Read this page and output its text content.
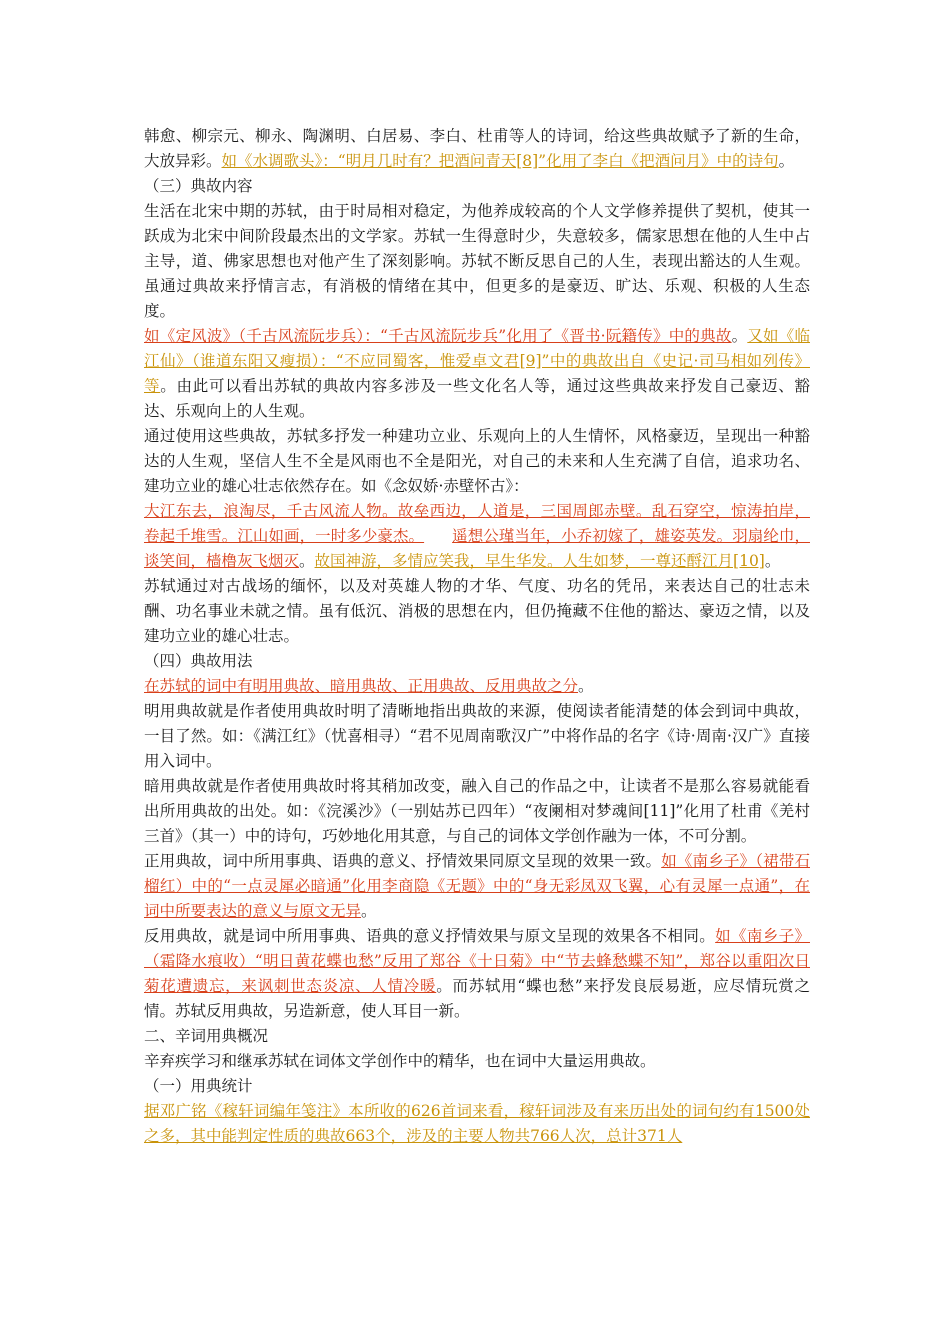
韩愈、柳宗元、柳永、陶渊明、白居易、李白、杜甫等人的诗词，给这些典故赋予了新的生命，大放异彩。如《水调歌头》：“明月几时有？把酒问青天[8]”化用了李白《把酒问月》中的诗句。

（三）典故内容

生活在北宋中期的苏轼，由于时局相对稳定，为他养成较高的个人文学修养提供了契机，使其一跃成为北宋中间阶段最杰出的文学家。苏轼一生得意时少，失意较多，儒家思想在他的人生中占主导，道、佛家思想也对他产生了深刻影响。苏轼不断反思自己的人生，表现出豁达的人生观。虽通过典故来抒情言志，有消极的情绪在其中，但更多的是豪迈、旷达、乐观、积极的人生态度。

如《定风波》（千古风流阮步兵）：“千古风流阮步兵”化用了《晋书·阮籍传》中的典故。又如《临江仙》（谁道东阳又瘦损）：“不应同蜀客，惟爱卓文君[9]”中的典故出自《史记·司马相如列传》等。由此可以看出苏轼的典故内容多涉及一些文化名人等，通过这些典故来抒发自己豪迈、豁达、乐观向上的人生观。

通过使用这些典故，苏轼多抒发一种建功立业、乐观向上的人生情怀，风格豪迈，呈现出一种豁达的人生观，坚信人生不全是风雨也不全是阳光，对自己的未来和人生充满了自信，追求功名、建功立业的雄心壮志依然存在。如《念奴娇·赤壁怀古》：

大江东去，浪淘尽，千古风流人物。故垒西边，人道是，三国周郎赤壁。乱石穿空，惊涛拍岸，卷起千堆雪。江山如画，一时多少豪杰。 遥想公瑾当年，小乔初嫁了，雄姿英发。羽扇纶巾，谈笑间，樯橹灰飞烟灭。故国神游，多情应笑我，早生华发。人生如梦，一尊还酹江月[10]。

苏轼通过对古战场的缅怀，以及对英雄人物的才华、气度、功名的凭吊，来表达自己的壮志未酬、功名事业未就之情。虽有低沉、消极的思想在内，但仍掩藏不住他的豁达、豪迈之情，以及建功立业的雄心壮志。

（四）典故用法

在苏轼的词中有明用典故、暗用典故、正用典故、反用典故之分。

明用典故就是作者使用典故时明了清晰地指出典故的来源，使阅读者能清楚的体会到词中典故，一目了然。如：《满江红》（忧喜相寻）“君不见周南歌汉广”中将作品的名字《诗·周南·汉广》直接用入词中。

暗用典故就是作者使用典故时将其稍加改变，融入自己的作品之中，让读者不是那么容易就能看出所用典故的出处。如：《浣溪沙》（一别姑苏已四年）“夜阑相对梦魂间[11]”化用了杜甫《羌村三首》（其一）中的诗句，巧妙地化用其意，与自己的词体文学创作融为一体，不可分割。

正用典故，词中所用事典、语典的意义、抒情效果同原文呈现的效果一致。如《南乡子》（裙带石榴红）中的“一点灵犀必暗通”化用李商隐《无题》中的“身无彩凤双飞翼，心有灵犀一点通”，在词中所要表达的意义与原文无异。

反用典故，就是词中所用事典、语典的意义抒情效果与原文呈现的效果各不相同。如《南乡子》（霜降水痕收）“明日黄花蝶也愁”反用了郑谷《十日菊》中“节去蜂愁蝶不知”，郑谷以重阳次日菊花遭遗忘，来讽刺世态炎凉、人情冷暖。而苏轼用“蝶也愁”来抒发良辰易逝，应尽情玩赏之情。苏轼反用典故，另造新意，使人耳目一新。

二、辛词用典概况

辛弃疾学习和继承苏轼在词体文学创作中的精华，也在词中大量运用典故。

（一）用典统计

据邓广铭《稼轩词编年笺注》本所收的626首词来看，稼轩词涉及有来历出处的词句约有1500处之多，其中能判定性质的典故663个，涉及的主要人物共766人次，总计371人
